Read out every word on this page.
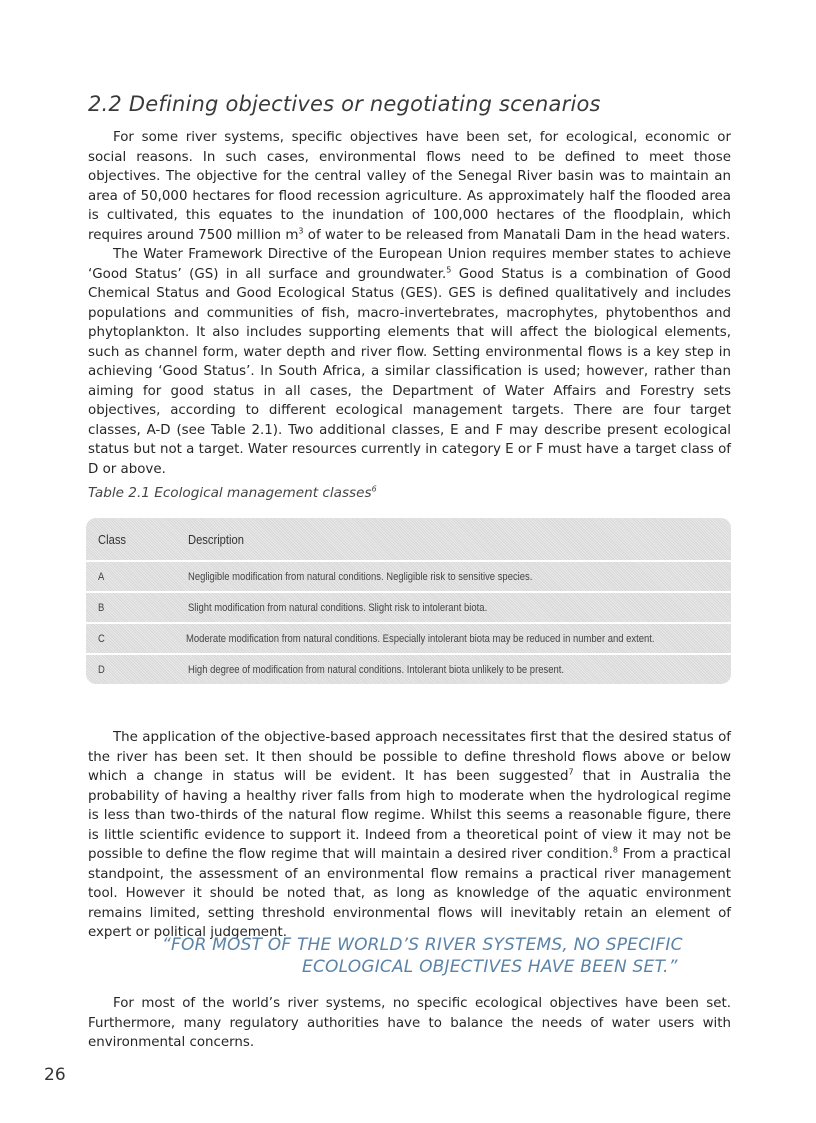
2.2 Defining objectives or negotiating scenarios

For some river systems, specific objectives have been set, for ecological, economic or social reasons. In such cases, environmental flows need to be defined to meet those objectives. The objective for the central valley of the Senegal River basin was to maintain an area of 50,000 hectares for flood recession agriculture. As approximately half the flooded area is cultivated, this equates to the inundation of 100,000 hectares of the floodplain, which requires around 7500 million $m^3$ of water to be released from Manatali Dam in the head waters.

The Water Framework Directive of the European Union requires member states to achieve ‘Good Status’ (GS) in all surface and groundwater.$^5$ Good Status is a combination of Good Chemical Status and Good Ecological Status (GES). GES is defined qualitatively and includes populations and communities of fish, macro-invertebrates, macrophytes, phytobenthos and phytoplankton. It also includes supporting elements that will affect the biological elements, such as channel form, water depth and river flow. Setting environmental flows is a key step in achieving ‘Good Status’. In South Africa, a similar classification is used; however, rather than aiming for good status in all cases, the Department of Water Affairs and Forestry sets objectives, according to different ecological management targets. There are four target classes, A-D (see Table 2.1). Two additional classes, E and F may describe present ecological status but not a target. Water resources currently in category E or F must have a target class of D or above.

Table 2.1 Ecological management classes$^6$
Class	Description
A	Negligible modification from natural conditions. Negligible risk to sensitive species.
B	Slight modification from natural conditions. Slight risk to intolerant biota.
C	Moderate modification from natural conditions. Especially intolerant biota may be reduced in number and extent.
D	High degree of modification from natural conditions. Intolerant biota unlikely to be present.

The application of the objective-based approach necessitates first that the desired status of the river has been set. It then should be possible to define threshold flows above or below which a change in status will be evident. It has been suggested$^7$ that in Australia the probability of having a healthy river falls from high to moderate when the hydrological regime is less than two-thirds of the natural flow regime. Whilst this seems a reasonable figure, there is little scientific evidence to support it. Indeed from a theoretical point of view it may not be possible to define the flow regime that will maintain a desired river condition.$^8$ From a practical standpoint, the assessment of an environmental flow remains a practical river management tool. However it should be noted that, as long as knowledge of the aquatic environment remains limited, setting threshold environmental flows will inevitably retain an element of expert or political judgement.

“FOR MOST OF THE WORLD’S RIVER SYSTEMS, NO SPECIFIC
ECOLOGICAL OBJECTIVES HAVE BEEN SET.”

For most of the world’s river systems, no specific ecological objectives have been set. Furthermore, many regulatory authorities have to balance the needs of water users with environmental concerns.

26
